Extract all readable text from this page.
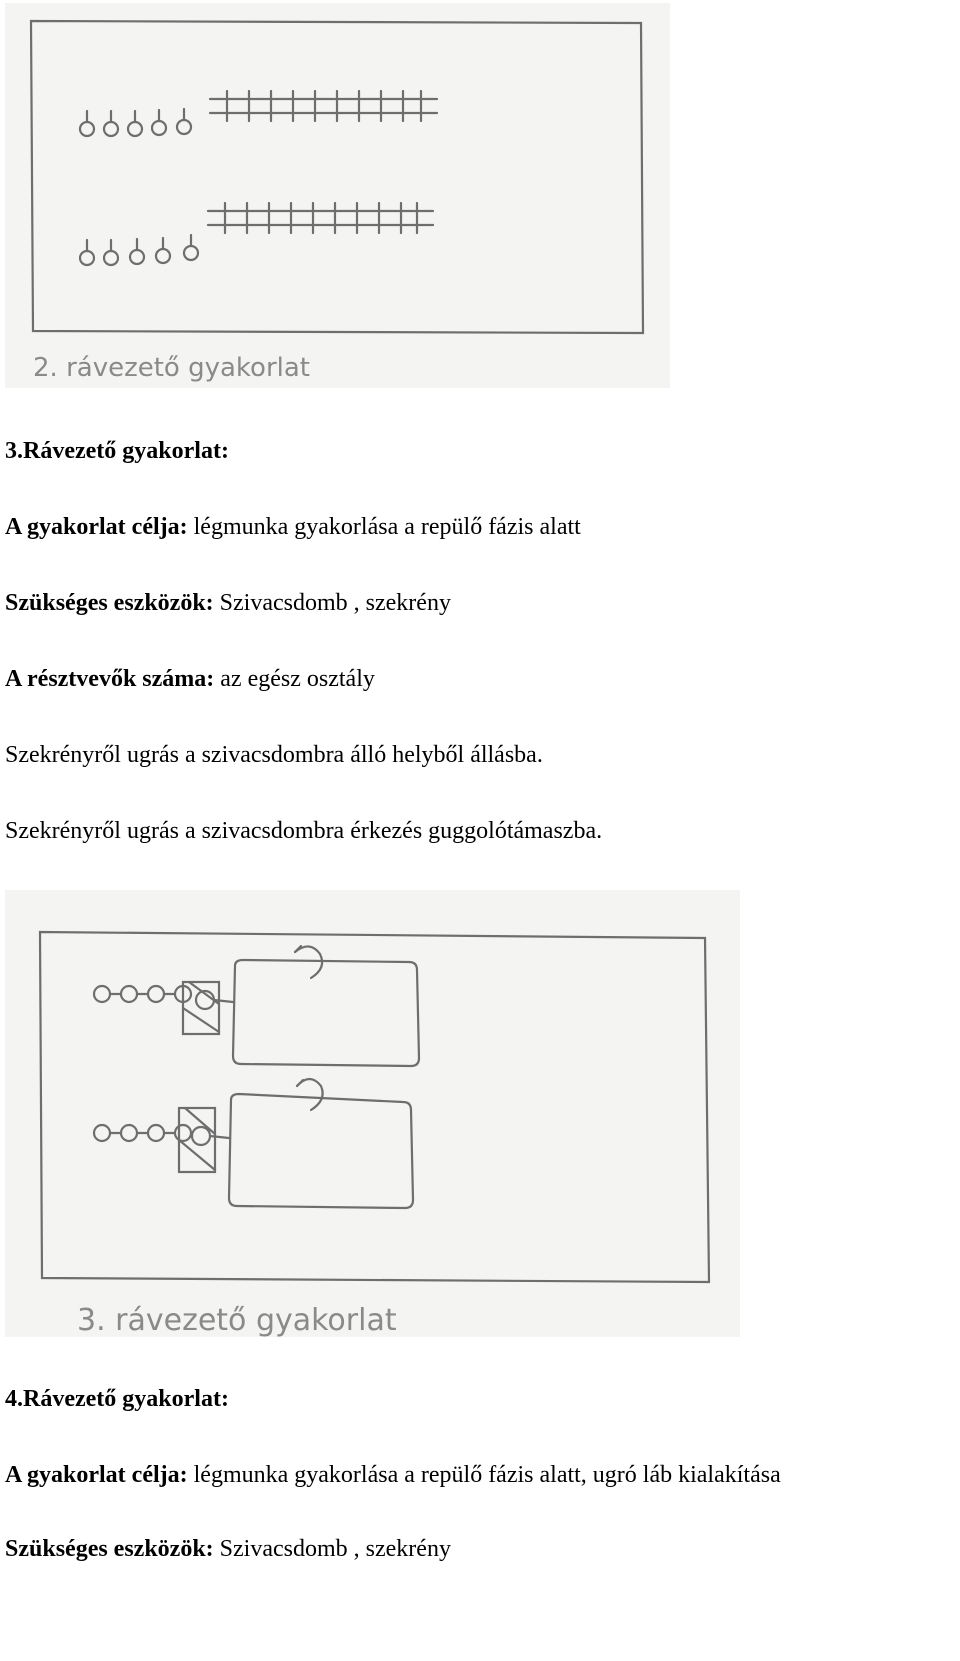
2. rávezető gyakorlat
3.Rávezető gyakorlat:
A gyakorlat célja: légmunka gyakorlása a repülő fázis alatt
Szükséges eszközök: Szivacsdomb , szekrény
A résztvevők száma: az egész osztály
Szekrényről ugrás a szivacsdombra álló helyből állásba.
Szekrényről ugrás a szivacsdombra érkezés guggolótámaszba.
3. rávezető gyakorlat
4.Rávezető gyakorlat:
A gyakorlat célja: légmunka gyakorlása a repülő fázis alatt, ugró láb kialakítása
Szükséges eszközök: Szivacsdomb , szekrény
